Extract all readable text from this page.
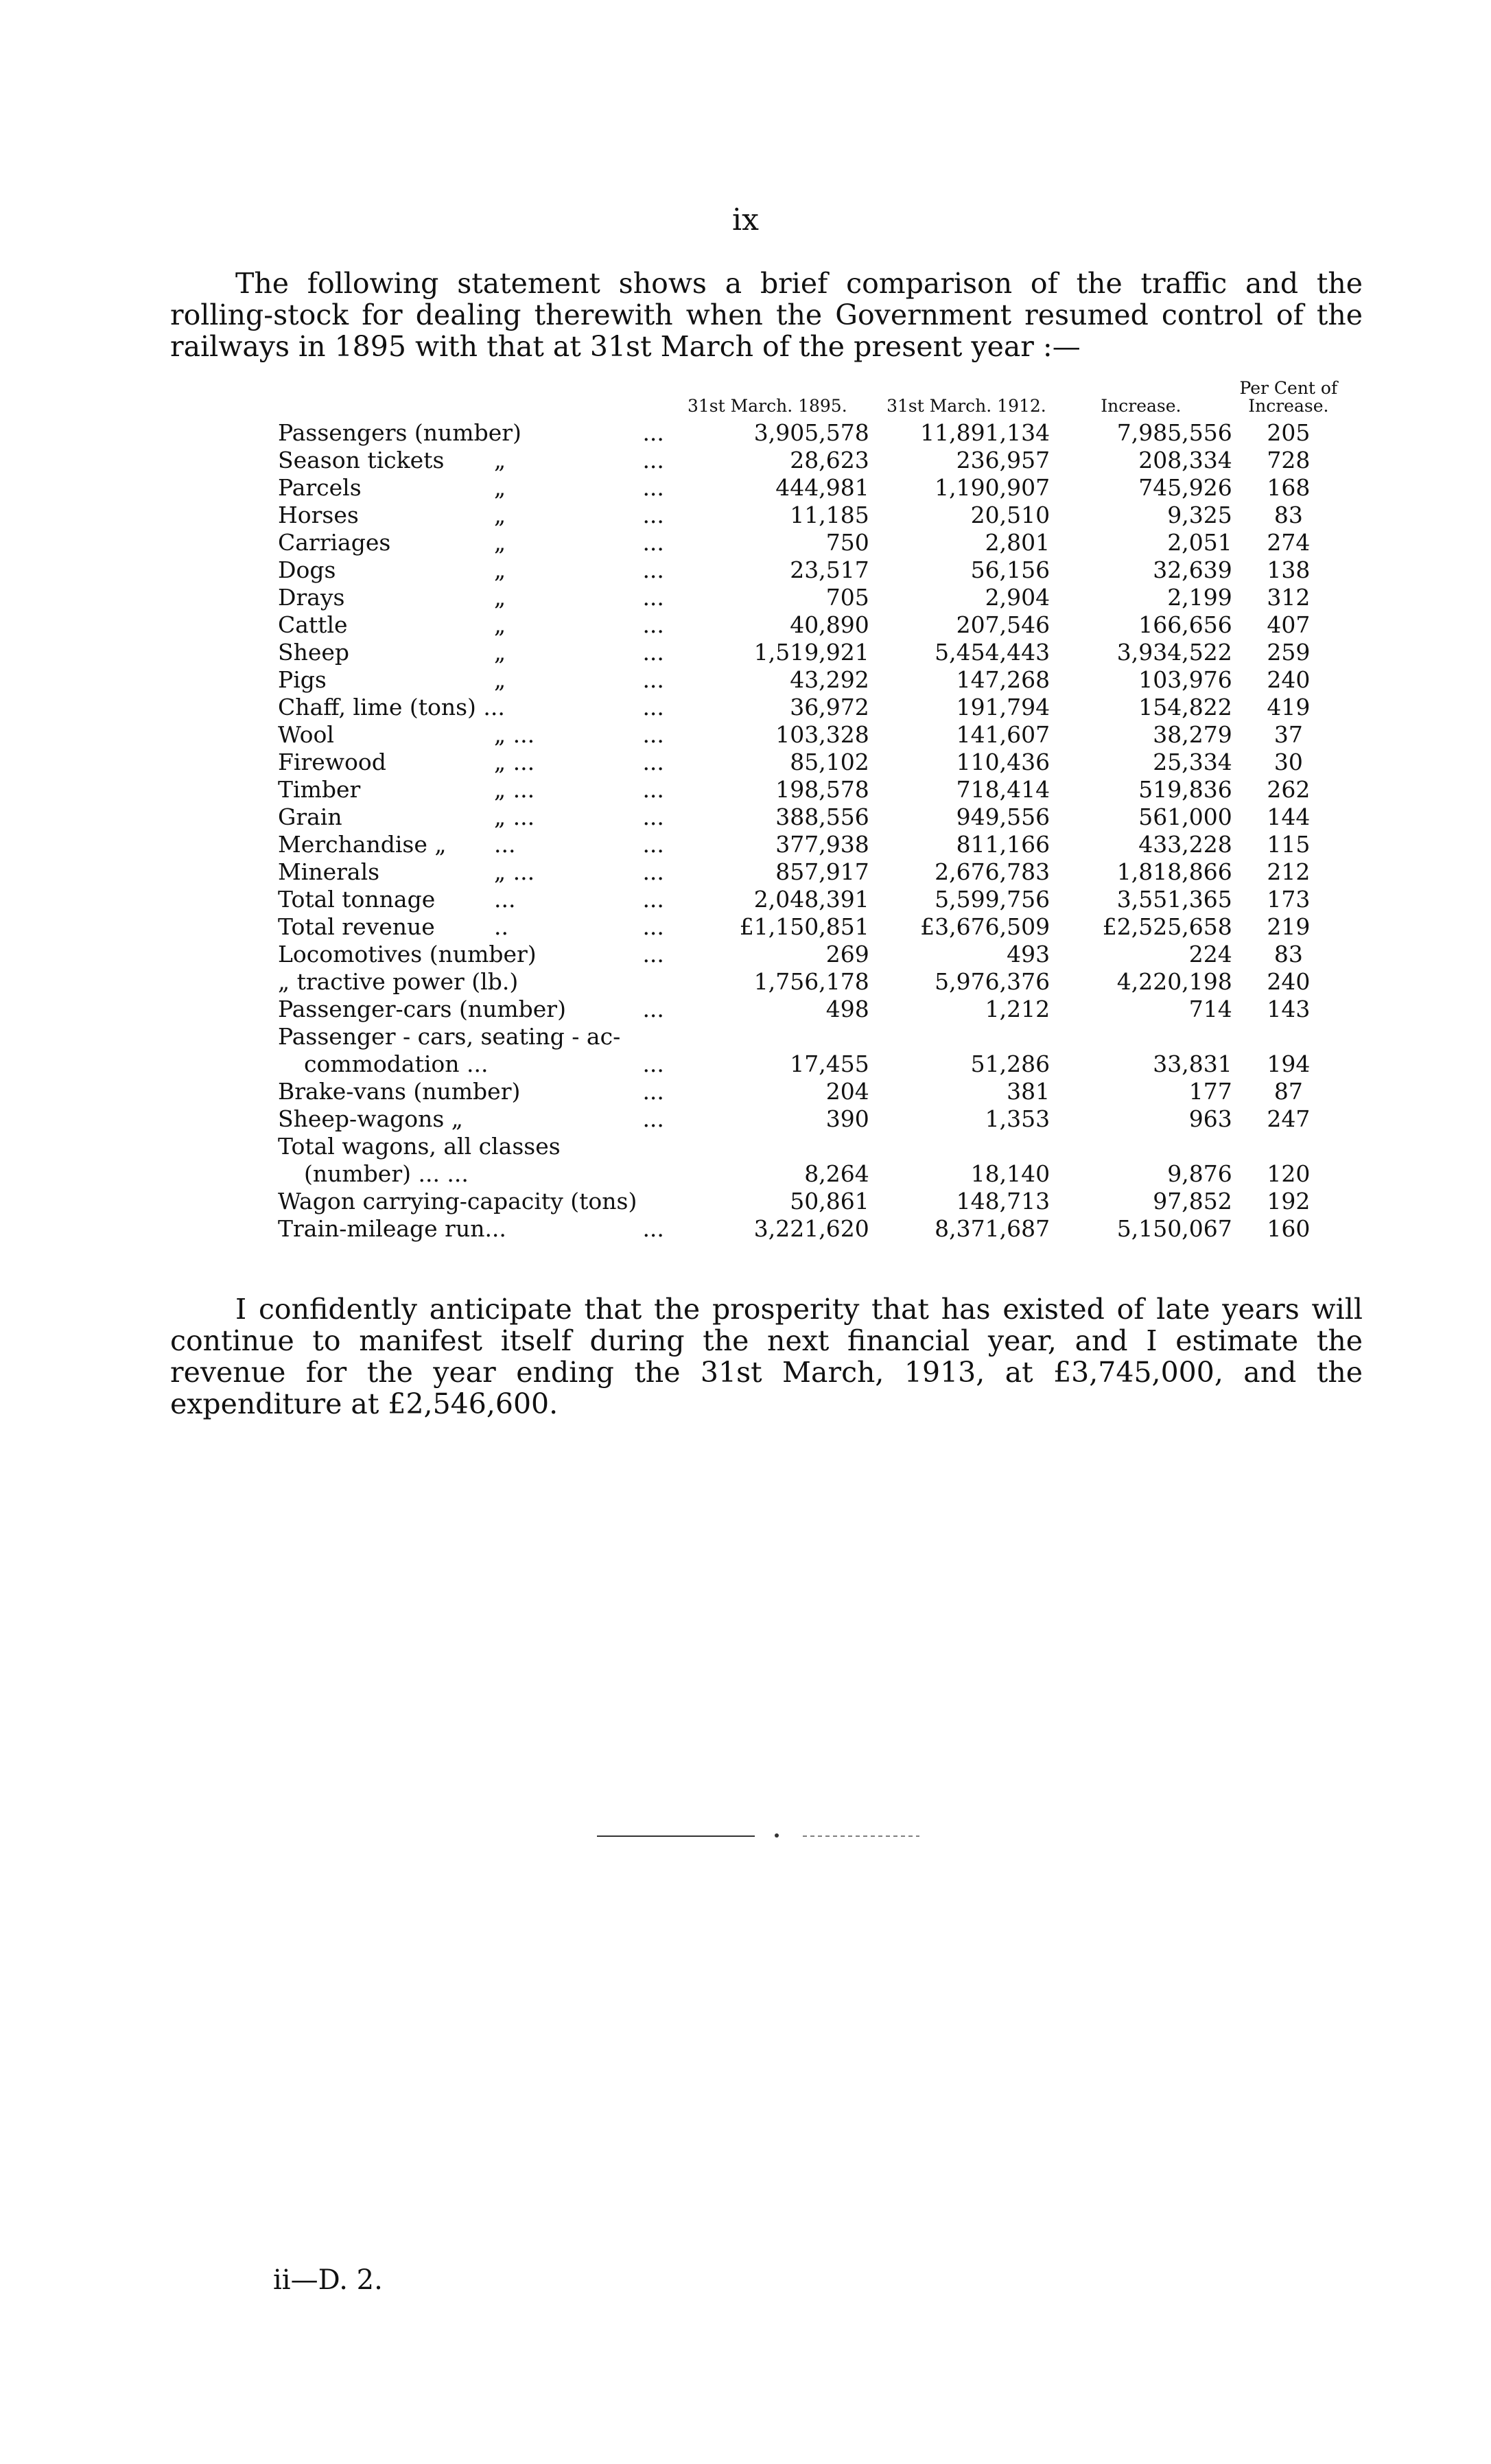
ix

The following statement shows a brief comparison of the traffic and the rolling-stock for dealing therewith when the Government resumed control of the railways in 1895 with that at 31st March of the present year :—

	31st March. 1895.	31st March. 1912.	Increase.	Per Cent of Increase.
Passengers (number) ...	3,905,578	11,891,134	7,985,556	205
Season tickets „ ...	28,623	236,957	208,334	728
Parcels „ ...	444,981	1,190,907	745,926	168
Horses „ ...	11,185	20,510	9,325	83
Carriages „ ...	750	2,801	2,051	274
Dogs „ ...	23,517	56,156	32,639	138
Drays „ ...	705	2,904	2,199	312
Cattle „ ...	40,890	207,546	166,656	407
Sheep „ ...	1,519,921	5,454,443	3,934,522	259
Pigs „ ...	43,292	147,268	103,976	240
Chaff, lime (tons) ... ...	36,972	191,794	154,822	419
Wool „ ... ...	103,328	141,607	38,279	37
Firewood „ ... ...	85,102	110,436	25,334	30
Timber „ ... ...	198,578	718,414	519,836	262
Grain „ ... ...	388,556	949,556	561,000	144
Merchandise „ ... ...	377,938	811,166	433,228	115
Minerals „ ... ...	857,917	2,676,783	1,818,866	212
Total tonnage ... ...	2,048,391	5,599,756	3,551,365	173
Total revenue .. ...	£1,150,851	£3,676,509	£2,525,658	219
Locomotives (number) ...	269	493	224	83
„ tractive power (lb.)	1,756,178	5,976,376	4,220,198	240
Passenger-cars (number) ...	498	1,212	714	143
Passenger - cars, seating - ac-				
commodation ... ...	17,455	51,286	33,831	194
Brake-vans (number) ...	204	381	177	87
Sheep-wagons „ ...	390	1,353	963	247
Total wagons, all classes				
(number) ... ...	8,264	18,140	9,876	120
Wagon carrying-capacity (tons)	50,861	148,713	97,852	192
Train-mileage run... ...	3,221,620	8,371,687	5,150,067	160

I confidently anticipate that the prosperity that has existed of late years will continue to manifest itself during the next financial year, and I estimate the revenue for the year ending the 31st March, 1913, at £3,745,000, and the expenditure at £2,546,600.

ii—D. 2.
